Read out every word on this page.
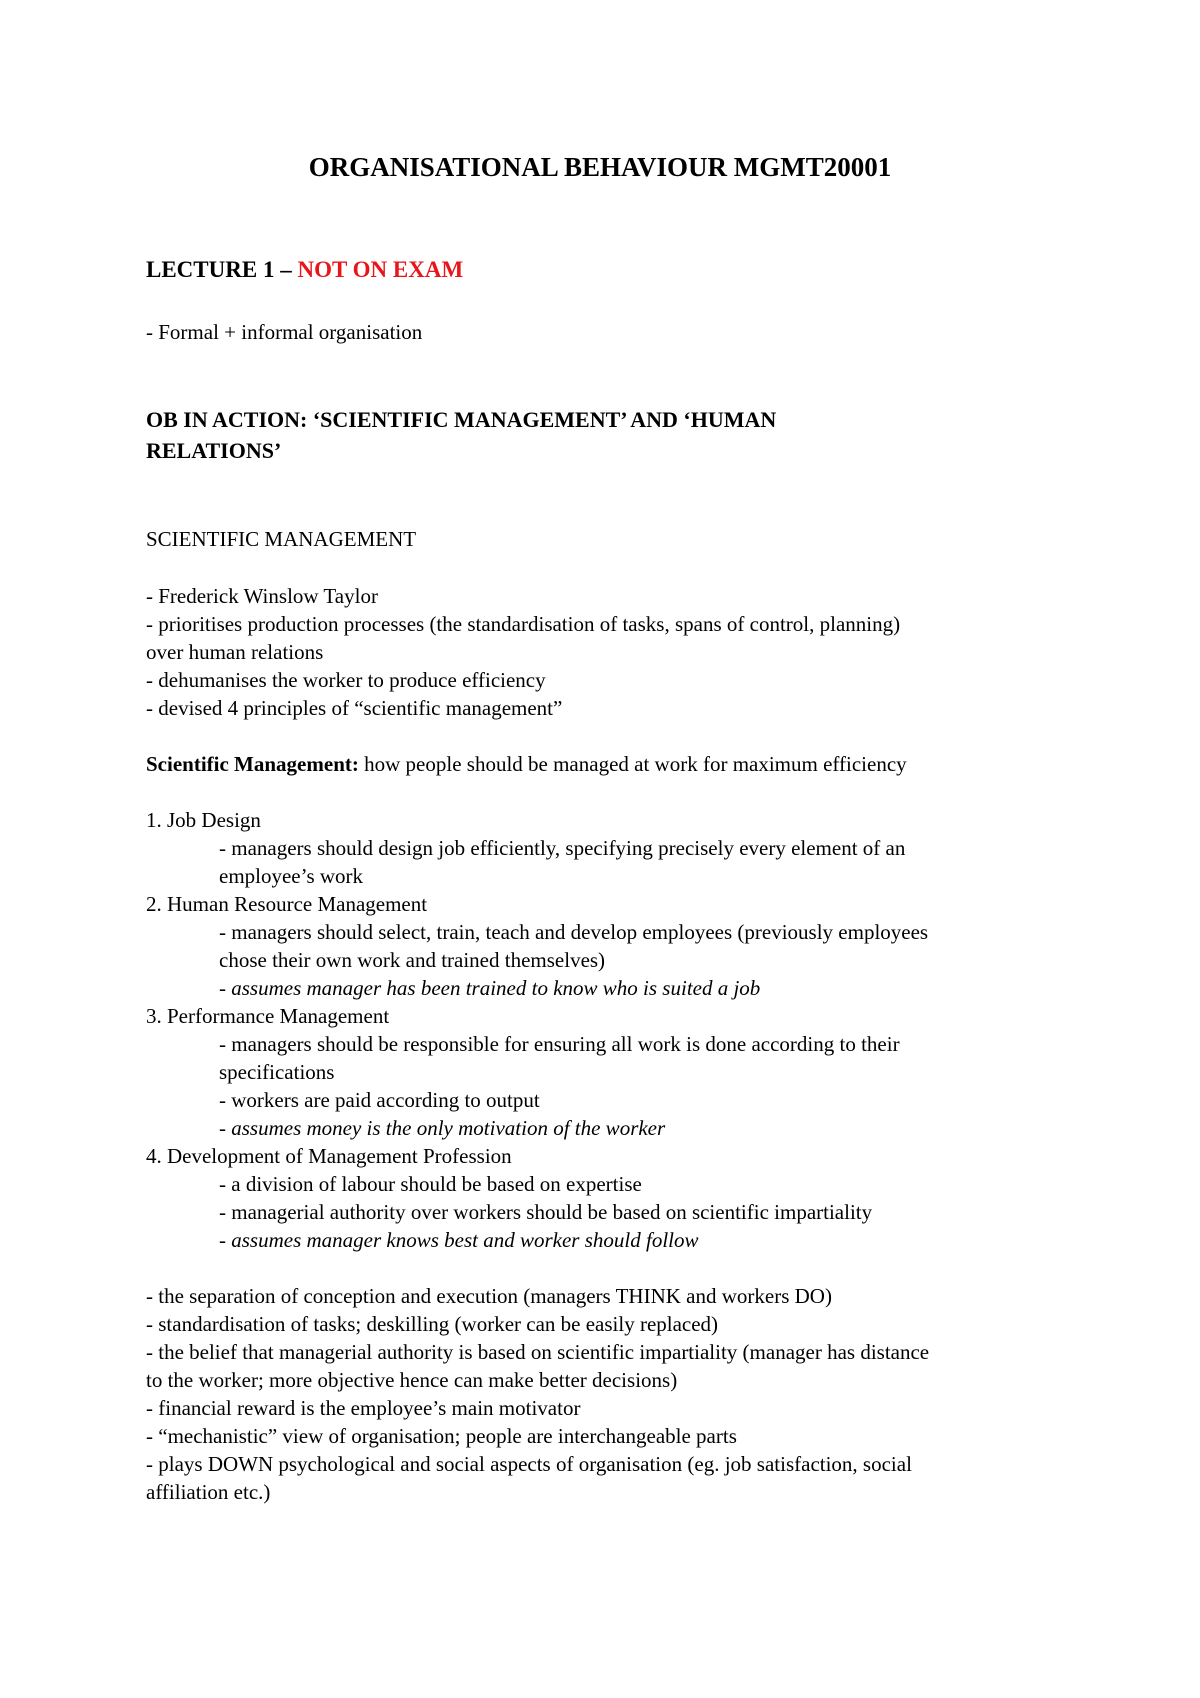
ORGANISATIONAL BEHAVIOUR MGMT20001

LECTURE 1 – NOT ON EXAM

- Formal + informal organisation

OB IN ACTION: ‘SCIENTIFIC MANAGEMENT’ AND ‘HUMAN

RELATIONS’

SCIENTIFIC MANAGEMENT

- Frederick Winslow Taylor

- prioritises production processes (the standardisation of tasks, spans of control, planning)

over human relations

- dehumanises the worker to produce efficiency

- devised 4 principles of “scientific management”

Scientific Management: how people should be managed at work for maximum efficiency

1. Job Design

- managers should design job efficiently, specifying precisely every element of an

employee’s work

2. Human Resource Management

- managers should select, train, teach and develop employees (previously employees

chose their own work and trained themselves)

- assumes manager has been trained to know who is suited a job

3. Performance Management

- managers should be responsible for ensuring all work is done according to their

specifications

- workers are paid according to output

- assumes money is the only motivation of the worker

4. Development of Management Profession

- a division of labour should be based on expertise

- managerial authority over workers should be based on scientific impartiality

- assumes manager knows best and worker should follow

- the separation of conception and execution (managers THINK and workers DO)

- standardisation of tasks; deskilling (worker can be easily replaced)

- the belief that managerial authority is based on scientific impartiality (manager has distance

to the worker; more objective hence can make better decisions)

- financial reward is the employee’s main motivator

- “mechanistic” view of organisation; people are interchangeable parts

- plays DOWN psychological and social aspects of organisation (eg. job satisfaction, social

affiliation etc.)
